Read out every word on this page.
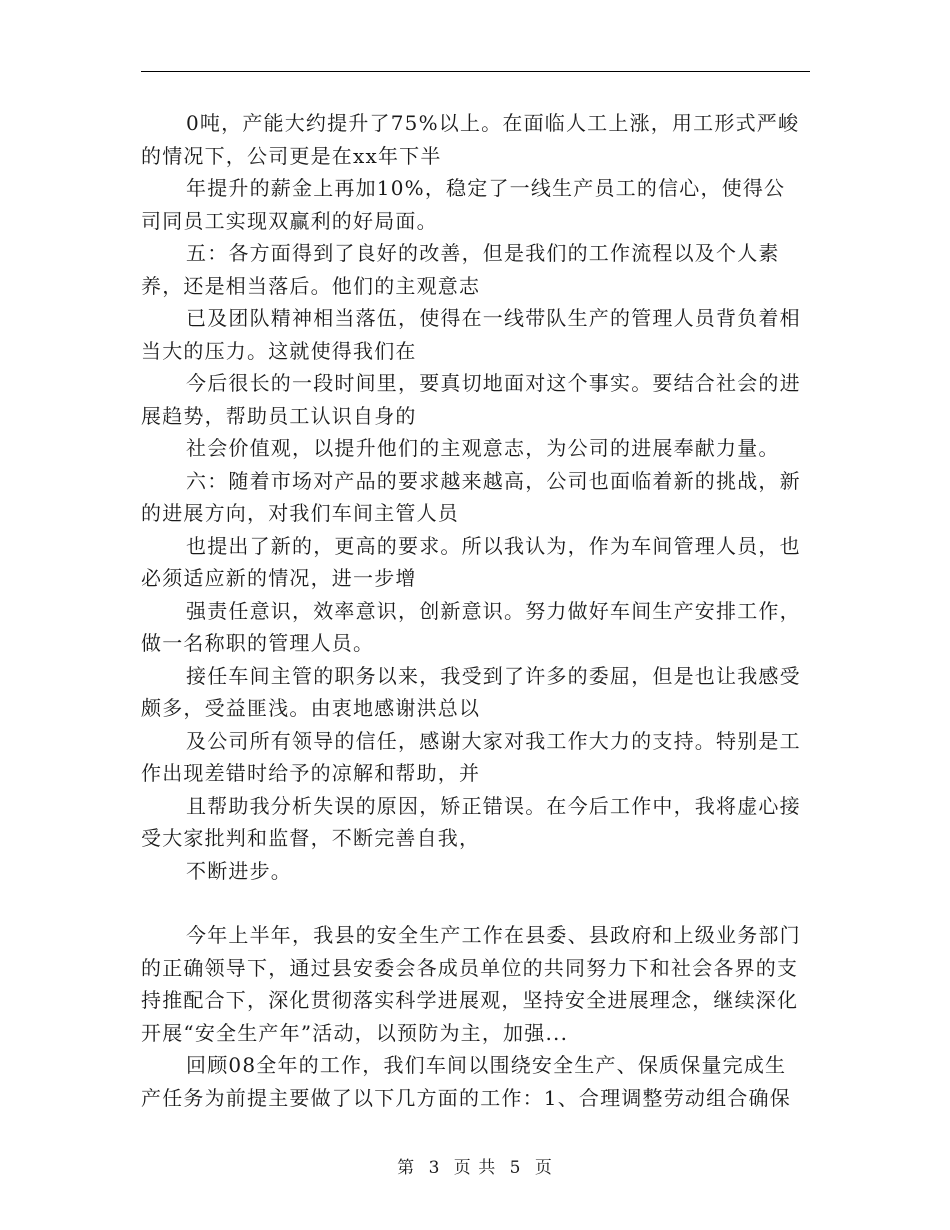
0吨，产能大约提升了75%以上。在面临人工上涨，用工形式严峻的情况下，公司更是在xx年下半

年提升的薪金上再加10%，稳定了一线生产员工的信心，使得公司同员工实现双赢利的好局面。

五：各方面得到了良好的改善，但是我们的工作流程以及个人素养，还是相当落后。他们的主观意志

已及团队精神相当落伍，使得在一线带队生产的管理人员背负着相当大的压力。这就使得我们在

今后很长的一段时间里，要真切地面对这个事实。要结合社会的进展趋势，帮助员工认识自身的

社会价值观，以提升他们的主观意志，为公司的进展奉献力量。

六：随着市场对产品的要求越来越高，公司也面临着新的挑战，新的进展方向，对我们车间主管人员

也提出了新的，更高的要求。所以我认为，作为车间管理人员，也必须适应新的情况，进一步增

强责任意识，效率意识，创新意识。努力做好车间生产安排工作，做一名称职的管理人员。

接任车间主管的职务以来，我受到了许多的委屈，但是也让我感受颇多，受益匪浅。由衷地感谢洪总以

及公司所有领导的信任，感谢大家对我工作大力的支持。特别是工作出现差错时给予的凉解和帮助，并

且帮助我分析失误的原因，矫正错误。在今后工作中，我将虚心接受大家批判和监督，不断完善自我，

不断进步。

今年上半年，我县的安全生产工作在县委、县政府和上级业务部门的正确领导下，通过县安委会各成员单位的共同努力下和社会各界的支持推配合下，深化贯彻落实科学进展观，坚持安全进展理念，继续深化开展“安全生产年”活动，以预防为主，加强...

回顾08全年的工作，我们车间以围绕安全生产、保质保量完成生产任务为前提主要做了以下几方面的工作：1、合理调整劳动组合确保

第 3 页 共 5 页
